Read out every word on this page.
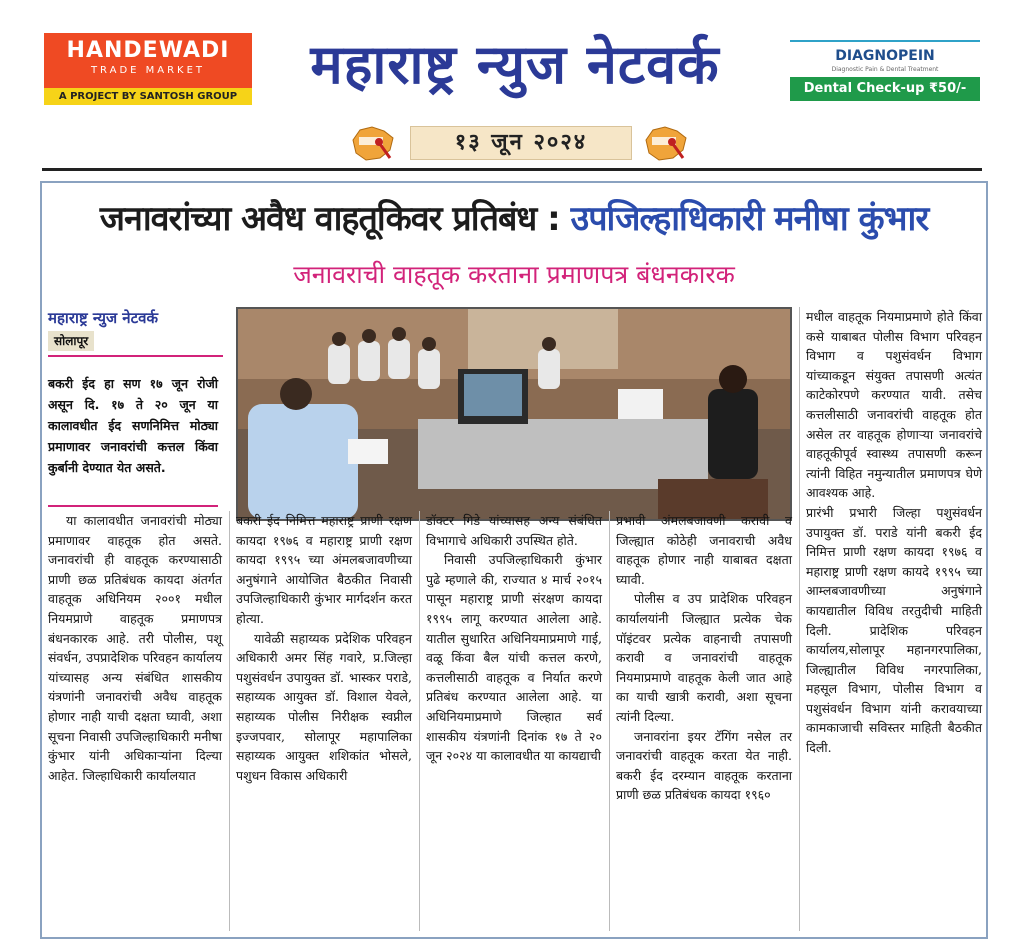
HANDEWADI
TRADE MARKET
A PROJECT BY SANTOSH GROUP
महाराष्ट्र न्युज नेटवर्क	DIAGNOPEIN
Diagnostic Pain & Dental Treatment
Dental Check-up ₹50/-
१३ जून २०२४
जनावरांच्या अवैध वाहतूकिवर प्रतिबंध : उपजिल्हाधिकारी मनीषा कुंभार
जनावराची वाहतूक करताना प्रमाणपत्र बंधनकारक
महाराष्ट्र न्युज नेटवर्क
सोलापूर
बकरी ईद हा सण १७ जून रोजी असून दि. १७ ते २० जून या कालावधीत ईद सणनिमित्त मोठ्या प्रमाणावर जनावरांची कत्तल किंवा कुर्बानी देण्यात येत असते.

या कालावधीत जनावरांची मोठ्या प्रमाणावर वाहतूक होत असते. जनावरांची ही वाहतूक करण्यासाठी प्राणी छळ प्रतिबंधक कायदा अंतर्गत वाहतूक अधिनियम २००१ मधील नियमप्राणे वाहतूक प्रमाणपत्र बंधनकारक आहे. तरी पोलीस, पशू संवर्धन, उपप्रादेशिक परिवहन कार्यालय यांच्यासह अन्य संबंधित शासकीय यंत्रणांनी जनावरांची अवैध वाहतूक होणार नाही याची दक्षता घ्यावी, अशा सूचना निवासी उपजिल्हाधिकारी मनीषा कुंभार यांनी अधिकाऱ्यांना दिल्या आहेत. जिल्हाधिकारी कार्यालयात

बकरी ईद निमित्त महाराष्ट्र प्राणी रक्षण कायदा १९७६ व महाराष्ट्र प्राणी रक्षण कायदा १९९५ च्या अंमलबजावणीच्या अनुषंगाने आयोजित बैठकीत निवासी उपजिल्हाधिकारी कुंभार मार्गदर्शन करत होत्या.

यावेळी सहाय्यक प्रदेशिक परिवहन अधिकारी अमर सिंह गवारे, प्र.जिल्हा पशुसंवर्धन उपायुक्त डॉ. भास्कर पराडे, सहाय्यक आयुक्त डॉ. विशाल येवले, सहाय्यक पोलीस निरीक्षक स्वप्नील इज्जपवार, सोलापूर महापालिका सहाय्यक आयुक्त शशिकांत भोसले, पशुधन विकास अधिकारी

डॉक्टर गिडे यांच्यासह अन्य संबंधित विभागाचे अधिकारी उपस्थित होते.

निवासी उपजिल्हाधिकारी कुंभार पुढे म्हणाले की, राज्यात ४ मार्च २०१५ पासून महाराष्ट्र प्राणी संरक्षण कायदा १९९५ लागू करण्यात आलेला आहे. यातील सुधारित अधिनियमाप्रमाणे गाई, वळू किंवा बैल यांची कत्तल करणे, कत्तलीसाठी वाहतूक व निर्यात करणे प्रतिबंध करण्यात आलेला आहे. या अधिनियमाप्रमाणे जिल्हात सर्व शासकीय यंत्रणांनी दिनांक १७ ते २० जून २०२४ या कालावधीत या कायद्याची

प्रभावी अंमलबजावणी करावी व जिल्ह्यात कोठेही जनावराची अवैध वाहतूक होणार नाही याबाबत दक्षता घ्यावी.

पोलीस व उप प्रादेशिक परिवहन कार्यालयांनी जिल्ह्यात प्रत्येक चेक पॉइंटवर प्रत्येक वाहनाची तपासणी करावी व जनावरांची वाहतूक नियमाप्रमाणे वाहतूक केली जात आहे का याची खात्री करावी, अशा सूचना त्यांनी दिल्या.

जनावरांना इयर टॅगिंग नसेल तर जनावरांची वाहतूक करता येत नाही. बकरी ईद दरम्यान वाहतूक करताना प्राणी छळ प्रतिबंधक कायदा १९६०

मधील वाहतूक नियमाप्रमाणे होते किंवा कसे याबाबत पोलीस विभाग परिवहन विभाग व पशुसंवर्धन विभाग यांच्याकडून संयुक्त तपासणी अत्यंत काटेकोरपणे करण्यात यावी. तसेच कत्तलीसाठी जनावरांची वाहतूक होत असेल तर वाहतूक होणाऱ्या जनावरांचे वाहतूकीपूर्व स्वास्थ्य तपासणी करून त्यांनी विहित नमुन्यातील प्रमाणपत्र घेणे आवश्यक आहे.

प्रारंभी प्रभारी जिल्हा पशुसंवर्धन उपायुक्त डॉ. पराडे यांनी बकरी ईद निमित्त प्राणी रक्षण कायदा १९७६ व महाराष्ट्र प्राणी रक्षण कायदे १९९५ च्या आम्लबजावणीच्या अनुषंगाने कायद्यातील विविध तरतुदीची माहिती दिली. प्रादेशिक परिवहन कार्यालय,सोलापूर महानगरपालिका, जिल्ह्यातील विविध नगरपालिका, महसूल विभाग, पोलीस विभाग व पशुसंवर्धन विभाग यांनी करावयाच्या कामकाजाची सविस्तर माहिती बैठकीत दिली.
